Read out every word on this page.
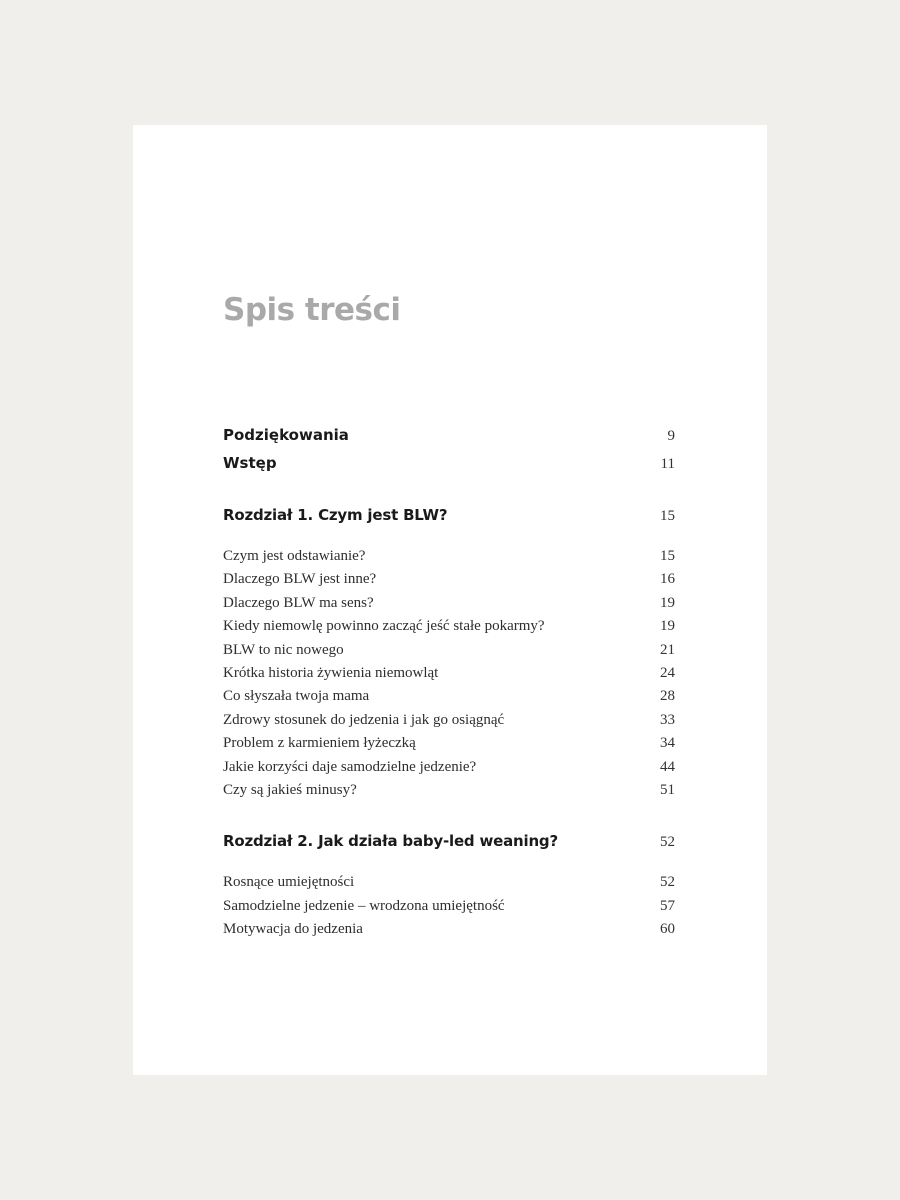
Spis treści
Podziękowania	9
Wstęp	11
Rozdział 1. Czym jest BLW?	15
Czym jest odstawianie?	15
Dlaczego BLW jest inne?	16
Dlaczego BLW ma sens?	19
Kiedy niemowlę powinno zacząć jeść stałe pokarmy?	19
BLW to nic nowego	21
Krótka historia żywienia niemowląt	24
Co słyszała twoja mama	28
Zdrowy stosunek do jedzenia i jak go osiągnąć	33
Problem z karmieniem łyżeczką	34
Jakie korzyści daje samodzielne jedzenie?	44
Czy są jakieś minusy?	51
Rozdział 2. Jak działa baby-led weaning?	52
Rosnące umiejętności	52
Samodzielne jedzenie – wrodzona umiejętność	57
Motywacja do jedzenia	60
